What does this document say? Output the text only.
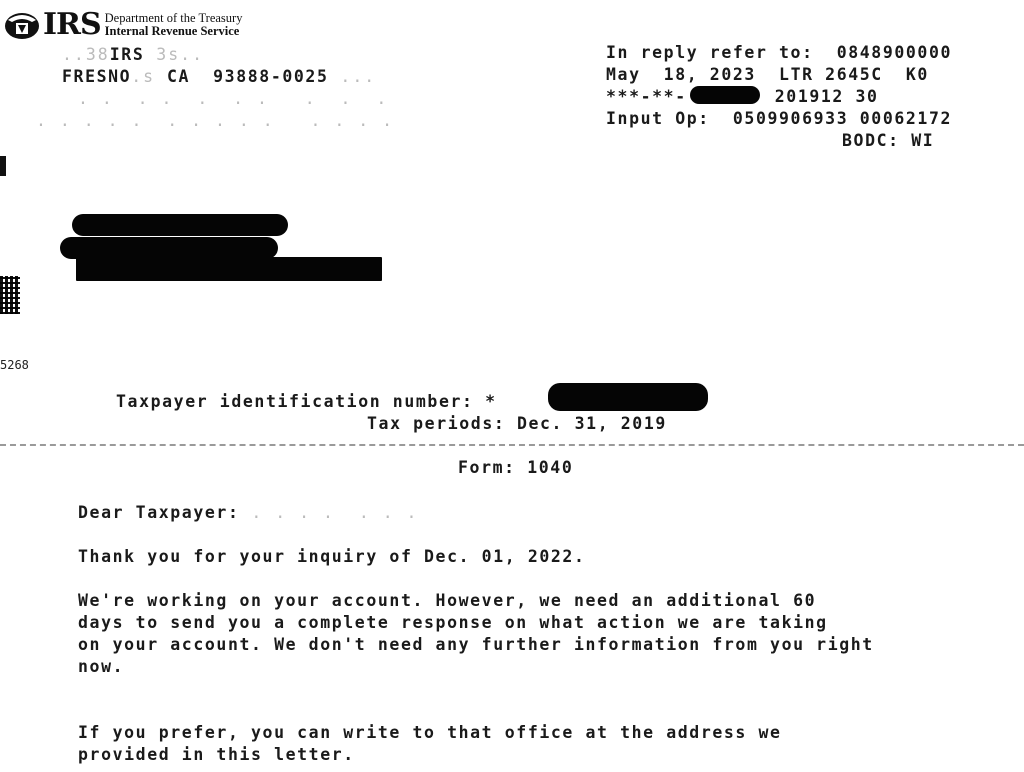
IRS Department of the Treasury
Internal Revenue Service
..38IRS 3s..
FRESNO.s CA  93888-0025 ...
. .  . .  .  . .   .  .  .
. . . . .  . . . . .   . . . .
In reply refer to: 0848900000
May  18, 2023 LTR 2645C  K0
***-**-	201912 30
Input Op: 0509906933 00062172
BODC: WI
5268
Taxpayer identification number: *
Tax periods: Dec. 31, 2019
Form: 1040
Dear Taxpayer: . . . .  . . .
Thank you for your inquiry of Dec. 01, 2022.
We're working on your account. However, we need an additional 60
days to send you a complete response on what action we are taking
on your account. We don't need any further information from you right
now.
If you prefer, you can write to that office at the address we
provided in this letter.
